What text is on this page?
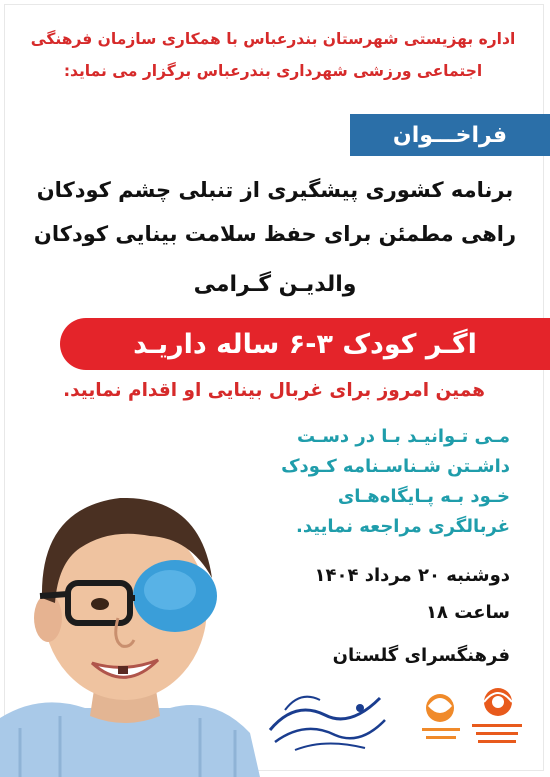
اداره بهزیستی شهرستان بندرعباس با همکاری سازمان فرهنگی
اجتماعی ورزشی شهرداری بندرعباس برگزار می نماید:
فراخـــوان
برنامه کشوری پیشگیری از تنبلی چشم کودکان
راهی مطمئن برای حفظ سلامت بینایی کودکان
والدیـن گـرامی
اگـر کودک ۳-۶ ساله داریـد
همین امروز برای غربال بینایی او اقدام نمایید.
مـی تـوانیـد بـا در دسـت
داشـتن شـناسـنامه کـودک
خـود بـه پـایگاه‌هـای
غربالگری مراجعه نمایید.
دوشنبه ۲۰ مرداد ۱۴۰۴
ساعت ۱۸
فرهنگسرای گلستان
